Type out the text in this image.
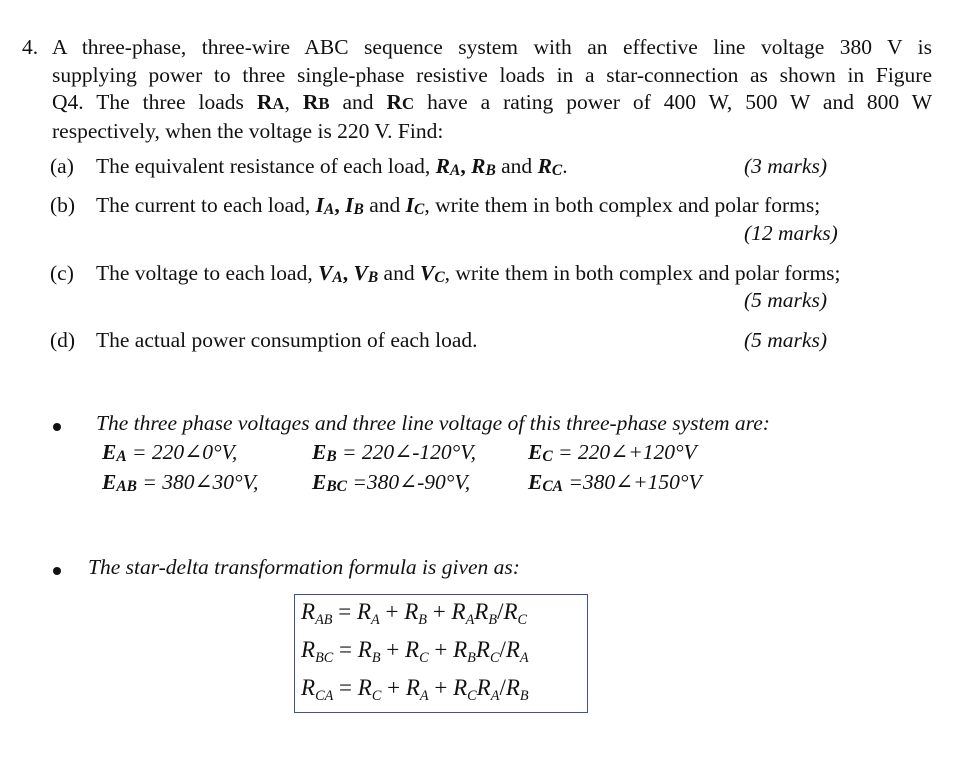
4. A three-phase, three-wire ABC sequence system with an effective line voltage 380 V is
supplying power to three single-phase resistive loads in a star-connection as shown in Figure
Q4. The three loads RA, RB and RC have a rating power of 400 W, 500 W and 800 W
respectively, when the voltage is 220 V. Find:
(a) The equivalent resistance of each load, RA, RB and RC.	(3 marks)
(b) The current to each load, IA, IB and IC, write them in both complex and polar forms;
(12 marks)
(c) The voltage to each load, VA, VB and VC, write them in both complex and polar forms;
(5 marks)
(d) The actual power consumption of each load.	(5 marks)
The three phase voltages and three line voltage of this three-phase system are:
EA = 220∠0°V,	EB = 220∠-120°V, EC = 220∠+120°V
EAB = 380∠30°V, EBC =380∠-90°V,	ECA =380∠+150°V
The star-delta transformation formula is given as:
$R_{AB} = R_A + R_B + R_AR_B/R_C$
$R_{BC} = R_B + R_C + R_BR_C/R_A$
$R_{CA} = R_C + R_A + R_CR_A/R_B$
